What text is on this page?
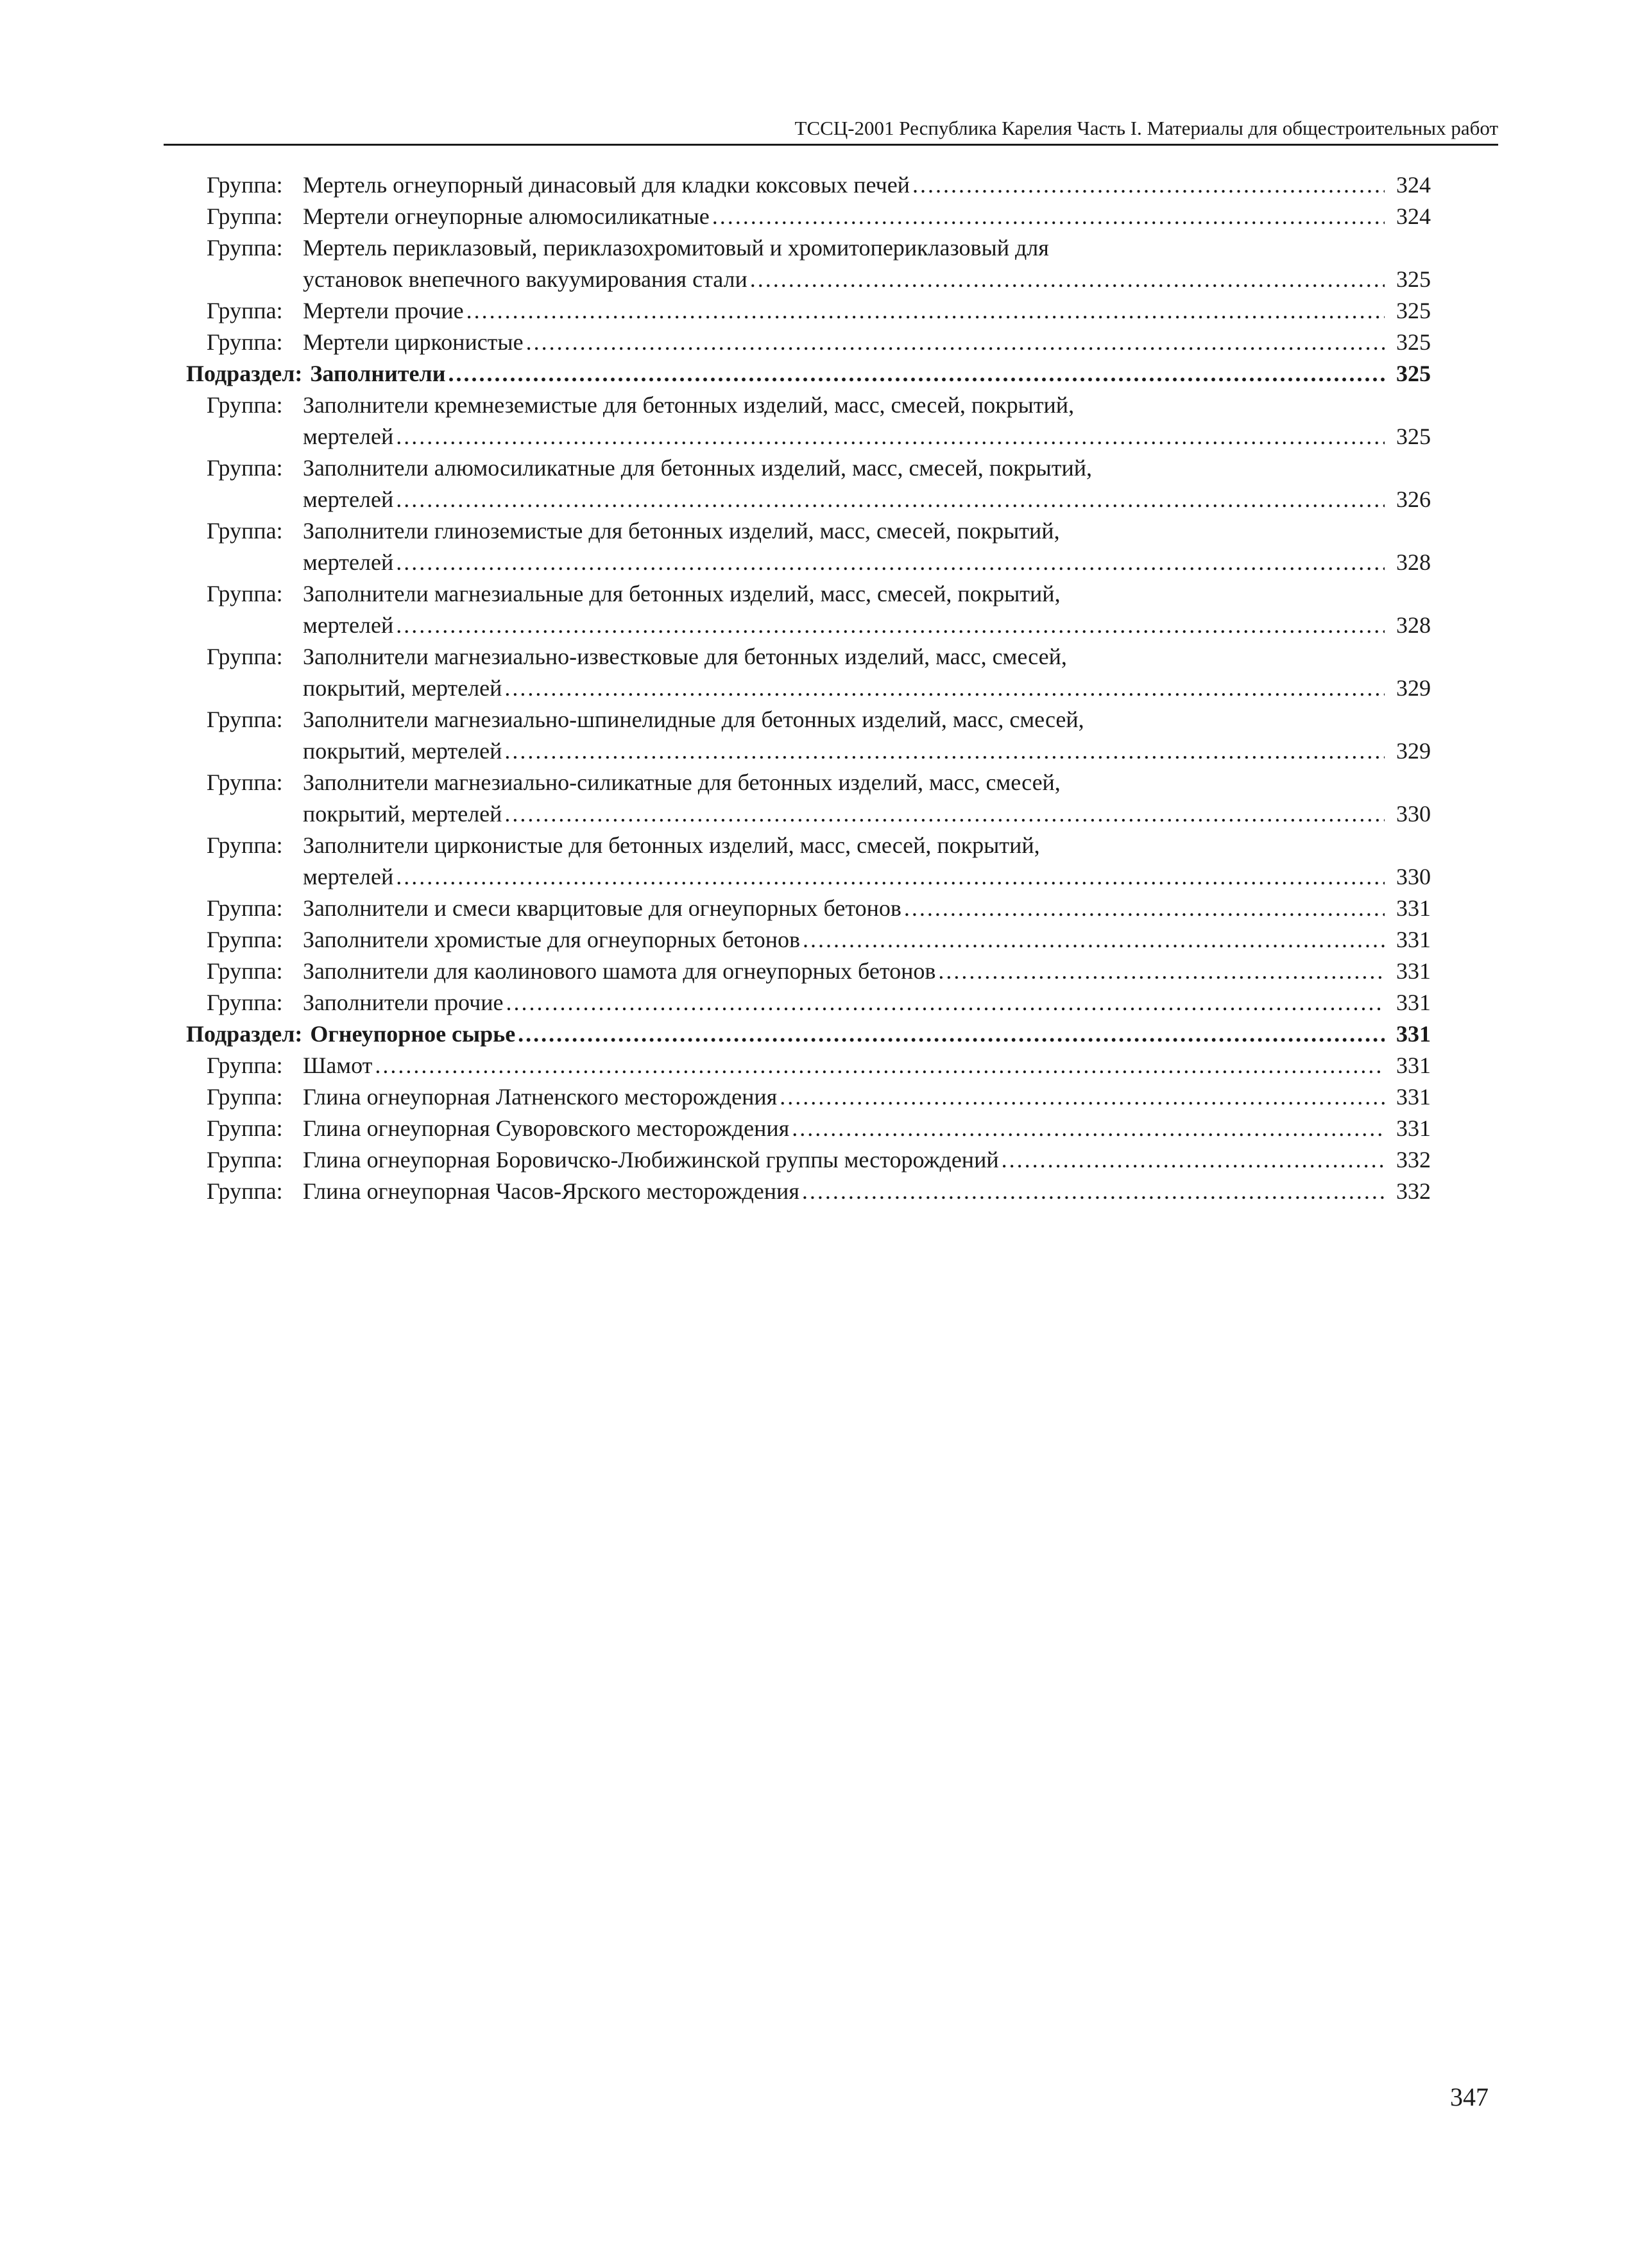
ТССЦ-2001 Республика Карелия Часть I. Материалы для общестроительных работ
Группа: Мертель огнеупорный динасовый для кладки коксовых печей .....	324
Группа: Мертели огнеупорные алюмосиликатные .....	324
Группа: Мертель периклазовый, периклазохромитовый и хромитопериклазовый для
установок внепечного вакуумирования стали .....	325
Группа: Мертели прочие .....	325
Группа: Мертели цирконистые .....	325
Подраздел: Заполнители .....	325
Группа: Заполнители кремнеземистые для бетонных изделий, масс, смесей, покрытий,
мертелей .....	325
Группа: Заполнители алюмосиликатные для бетонных изделий, масс, смесей, покрытий,
мертелей .....	326
Группа: Заполнители глиноземистые для бетонных изделий, масс, смесей, покрытий,
мертелей .....	328
Группа: Заполнители магнезиальные для бетонных изделий, масс, смесей, покрытий,
мертелей .....	328
Группа: Заполнители магнезиально-известковые для бетонных изделий, масс, смесей,
покрытий, мертелей .....	329
Группа: Заполнители магнезиально-шпинелидные для бетонных изделий, масс, смесей,
покрытий, мертелей .....	329
Группа: Заполнители магнезиально-силикатные для бетонных изделий, масс, смесей,
покрытий, мертелей .....	330
Группа: Заполнители цирконистые для бетонных изделий, масс, смесей, покрытий,
мертелей .....	330
Группа: Заполнители и смеси кварцитовые для огнеупорных бетонов .....	331
Группа: Заполнители хромистые для огнеупорных бетонов .....	331
Группа: Заполнители для каолинового шамота для огнеупорных бетонов .....	331
Группа: Заполнители прочие .....	331
Подраздел: Огнеупорное сырье .....	331
Группа: Шамот .....	331
Группа: Глина огнеупорная Латненского месторождения .....	331
Группа: Глина огнеупорная Суворовского месторождения .....	331
Группа: Глина огнеупорная Боровичско-Любижинской группы месторождений .....	332
Группа: Глина огнеупорная Часов-Ярского месторождения .....	332
347
